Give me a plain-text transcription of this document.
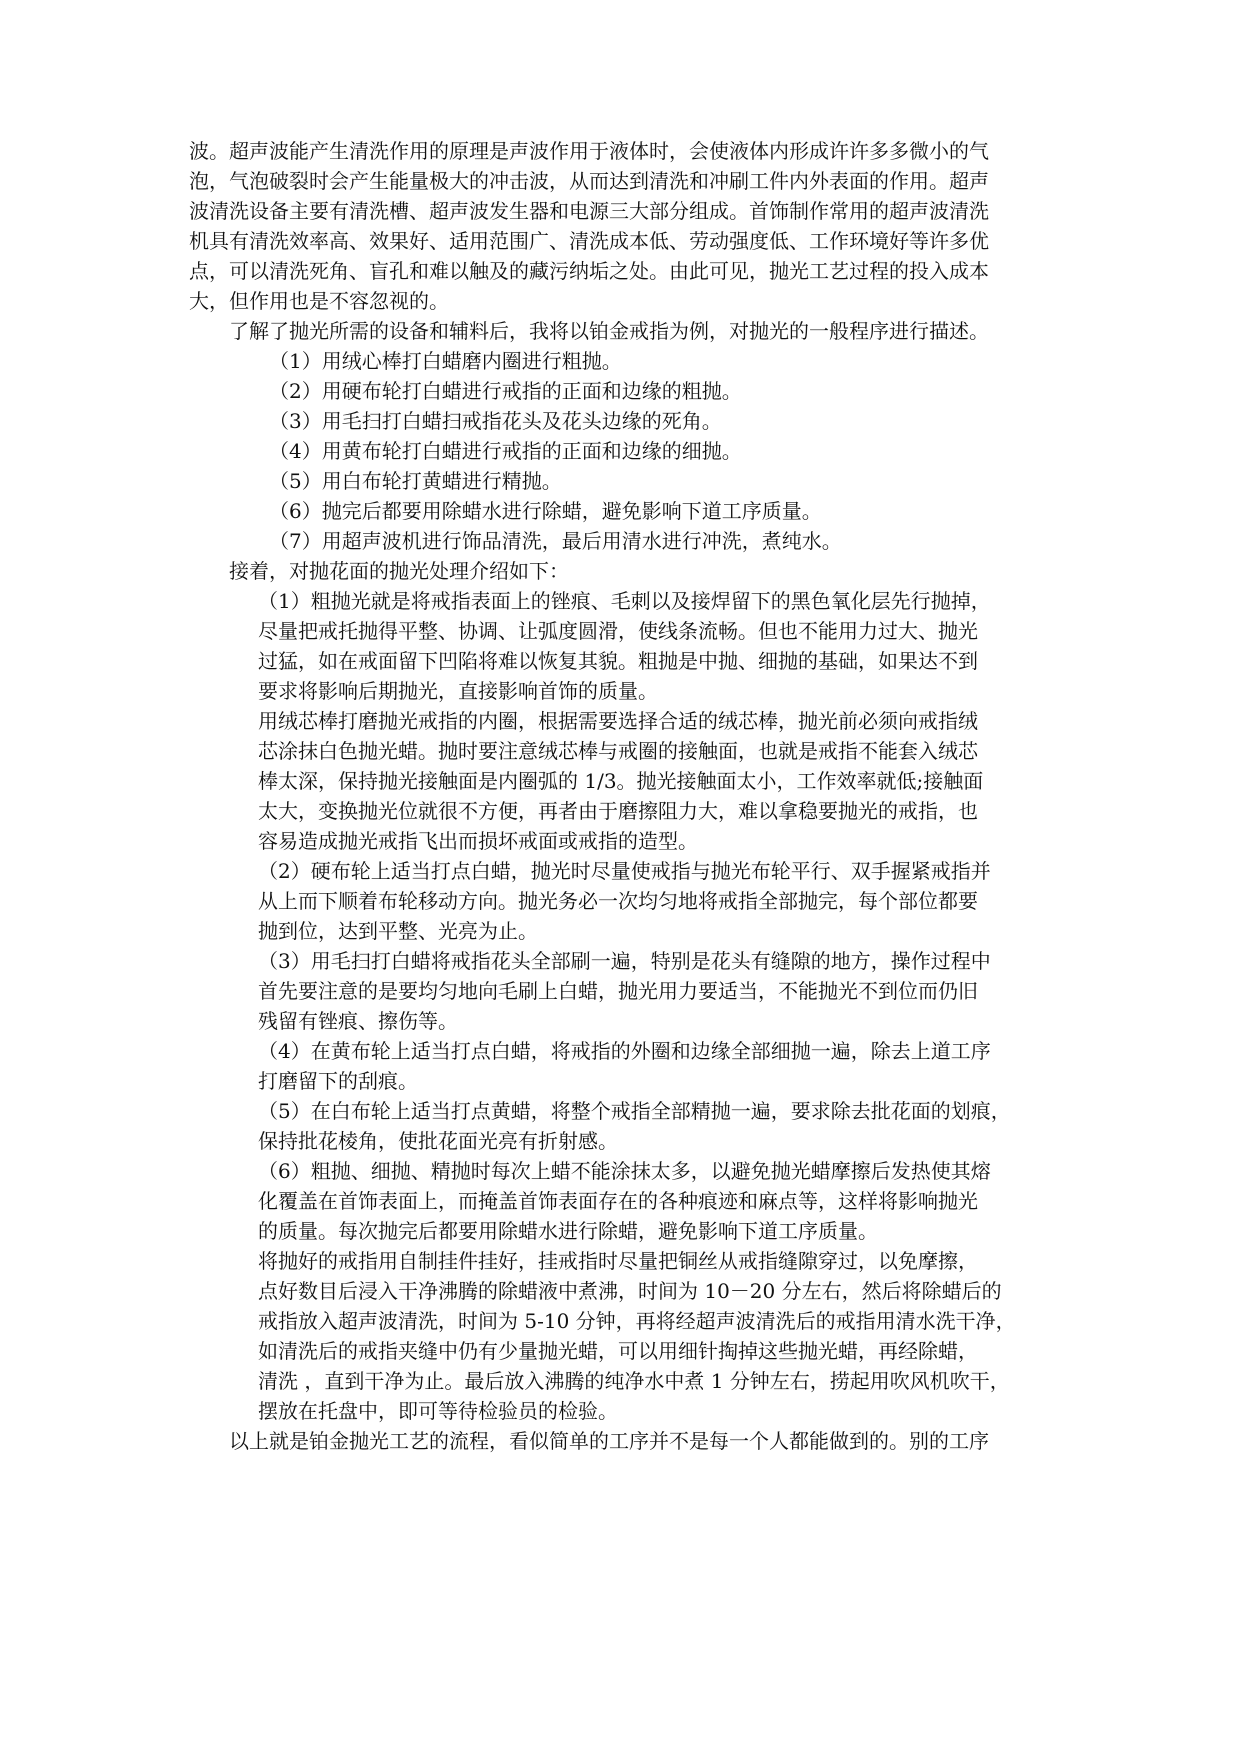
波。超声波能产生清洗作用的原理是声波作用于液体时，会使液体内形成许许多多微小的气
泡，气泡破裂时会产生能量极大的冲击波，从而达到清洗和冲刷工件内外表面的作用。超声
波清洗设备主要有清洗槽、超声波发生器和电源三大部分组成。首饰制作常用的超声波清洗
机具有清洗效率高、效果好、适用范围广、清洗成本低、劳动强度低、工作环境好等许多优
点，可以清洗死角、盲孔和难以触及的藏污纳垢之处。由此可见，抛光工艺过程的投入成本
大，但作用也是不容忽视的。
了解了抛光所需的设备和辅料后，我将以铂金戒指为例，对抛光的一般程序进行描述。
（1）用绒心棒打白蜡磨内圈进行粗抛。
（2）用硬布轮打白蜡进行戒指的正面和边缘的粗抛。
（3）用毛扫打白蜡扫戒指花头及花头边缘的死角。
（4）用黄布轮打白蜡进行戒指的正面和边缘的细抛。
（5）用白布轮打黄蜡进行精抛。
（6）抛完后都要用除蜡水进行除蜡，避免影响下道工序质量。
（7）用超声波机进行饰品清洗，最后用清水进行冲洗，煮纯水。
接着，对抛花面的抛光处理介绍如下：
（1）粗抛光就是将戒指表面上的锉痕、毛刺以及接焊留下的黑色氧化层先行抛掉，
尽量把戒托抛得平整、协调、让弧度圆滑，使线条流畅。但也不能用力过大、抛光
过猛，如在戒面留下凹陷将难以恢复其貌。粗抛是中抛、细抛的基础，如果达不到
要求将影响后期抛光，直接影响首饰的质量。
用绒芯棒打磨抛光戒指的内圈，根据需要选择合适的绒芯棒，抛光前必须向戒指绒
芯涂抹白色抛光蜡。抛时要注意绒芯棒与戒圈的接触面，也就是戒指不能套入绒芯
棒太深，保持抛光接触面是内圈弧的 1/3。抛光接触面太小，工作效率就低;接触面
太大，变换抛光位就很不方便，再者由于磨擦阻力大，难以拿稳要抛光的戒指，也
容易造成抛光戒指飞出而损坏戒面或戒指的造型。
（2）硬布轮上适当打点白蜡，抛光时尽量使戒指与抛光布轮平行、双手握紧戒指并
从上而下顺着布轮移动方向。抛光务必一次均匀地将戒指全部抛完，每个部位都要
抛到位，达到平整、光亮为止。
（3）用毛扫打白蜡将戒指花头全部刷一遍，特别是花头有缝隙的地方，操作过程中
首先要注意的是要均匀地向毛刷上白蜡，抛光用力要适当，不能抛光不到位而仍旧
残留有锉痕、擦伤等。
（4）在黄布轮上适当打点白蜡，将戒指的外圈和边缘全部细抛一遍，除去上道工序
打磨留下的刮痕。
（5）在白布轮上适当打点黄蜡，将整个戒指全部精抛一遍，要求除去批花面的划痕，
保持批花棱角，使批花面光亮有折射感。
（6）粗抛、细抛、精抛时每次上蜡不能涂抹太多，以避免抛光蜡摩擦后发热使其熔
化覆盖在首饰表面上，而掩盖首饰表面存在的各种痕迹和麻点等，这样将影响抛光
的质量。每次抛完后都要用除蜡水进行除蜡，避免影响下道工序质量。
将抛好的戒指用自制挂件挂好，挂戒指时尽量把铜丝从戒指缝隙穿过，以免摩擦，
点好数目后浸入干净沸腾的除蜡液中煮沸，时间为 10－20 分左右，然后将除蜡后的
戒指放入超声波清洗，时间为 5-10 分钟，再将经超声波清洗后的戒指用清水洗干净，
如清洗后的戒指夹缝中仍有少量抛光蜡，可以用细针掏掉这些抛光蜡，再经除蜡，
清洗 ，直到干净为止。最后放入沸腾的纯净水中煮 1 分钟左右，捞起用吹风机吹干，
摆放在托盘中，即可等待检验员的检验。
以上就是铂金抛光工艺的流程，看似简单的工序并不是每一个人都能做到的。别的工序
